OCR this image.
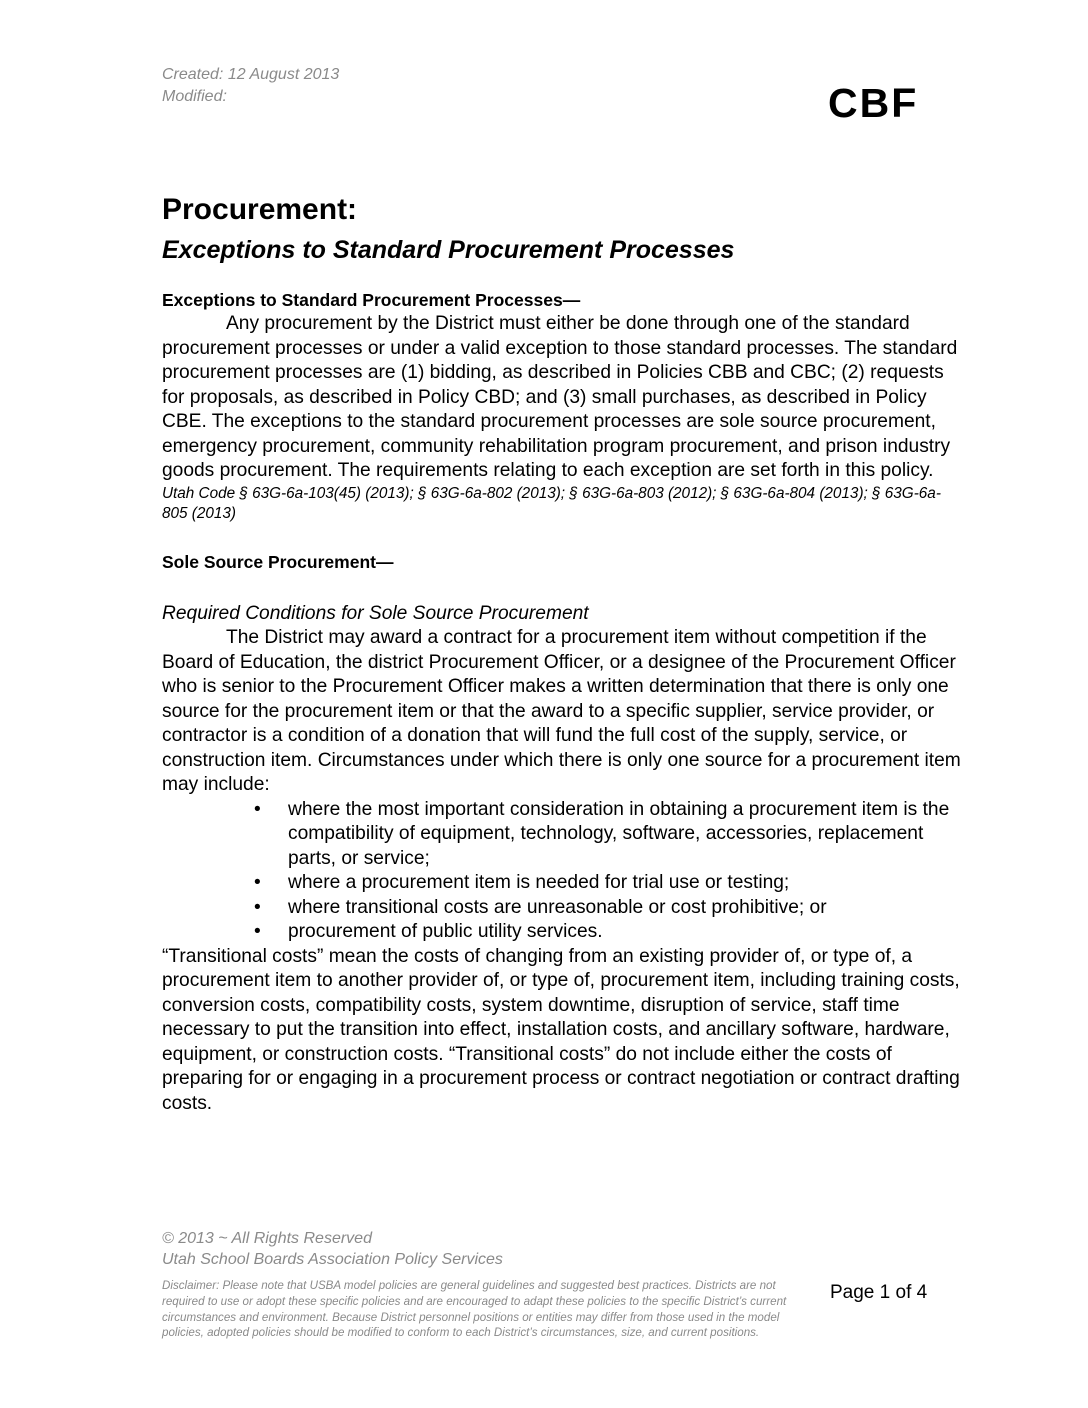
Created: 12 August 2013
Modified:	CBF
Procurement:
Exceptions to Standard Procurement Processes

Exceptions to Standard Procurement Processes—

Any procurement by the District must either be done through one of the standard procurement processes or under a valid exception to those standard processes. The standard procurement processes are (1) bidding, as described in Policies CBB and CBC; (2) requests for proposals, as described in Policy CBD; and (3) small purchases, as described in Policy CBE. The exceptions to the standard procurement processes are sole source procurement, emergency procurement, community rehabilitation program procurement, and prison industry goods procurement. The requirements relating to each exception are set forth in this policy.

Utah Code § 63G-6a-103(45) (2013); § 63G-6a-802 (2013); § 63G-6a-803 (2012); § 63G-6a-804 (2013); § 63G-6a-805 (2013)

Sole Source Procurement—

Required Conditions for Sole Source Procurement

The District may award a contract for a procurement item without competition if the Board of Education, the district Procurement Officer, or a designee of the Procurement Officer who is senior to the Procurement Officer makes a written determination that there is only one source for the procurement item or that the award to a specific supplier, service provider, or contractor is a condition of a donation that will fund the full cost of the supply, service, or construction item. Circumstances under which there is only one source for a procurement item may include:

• where the most important consideration in obtaining a procurement item is the compatibility of equipment, technology, software, accessories, replacement parts, or service;
• where a procurement item is needed for trial use or testing;
• where transitional costs are unreasonable or cost prohibitive; or
• procurement of public utility services.

“Transitional costs” mean the costs of changing from an existing provider of, or type of, a procurement item to another provider of, or type of, procurement item, including training costs, conversion costs, compatibility costs, system downtime, disruption of service, staff time necessary to put the transition into effect, installation costs, and ancillary software, hardware, equipment, or construction costs. “Transitional costs” do not include either the costs of preparing for or engaging in a procurement process or contract negotiation or contract drafting costs.

© 2013 ~ All Rights Reserved
Utah School Boards Association Policy Services
Disclaimer: Please note that USBA model policies are general guidelines and suggested best practices. Districts are not required to use or adopt these specific policies and are encouraged to adapt these policies to the specific District’s current circumstances and environment. Because District personnel positions or entities may differ from those used in the model policies, adopted policies should be modified to conform to each District’s circumstances, size, and current positions.
Page 1 of 4
